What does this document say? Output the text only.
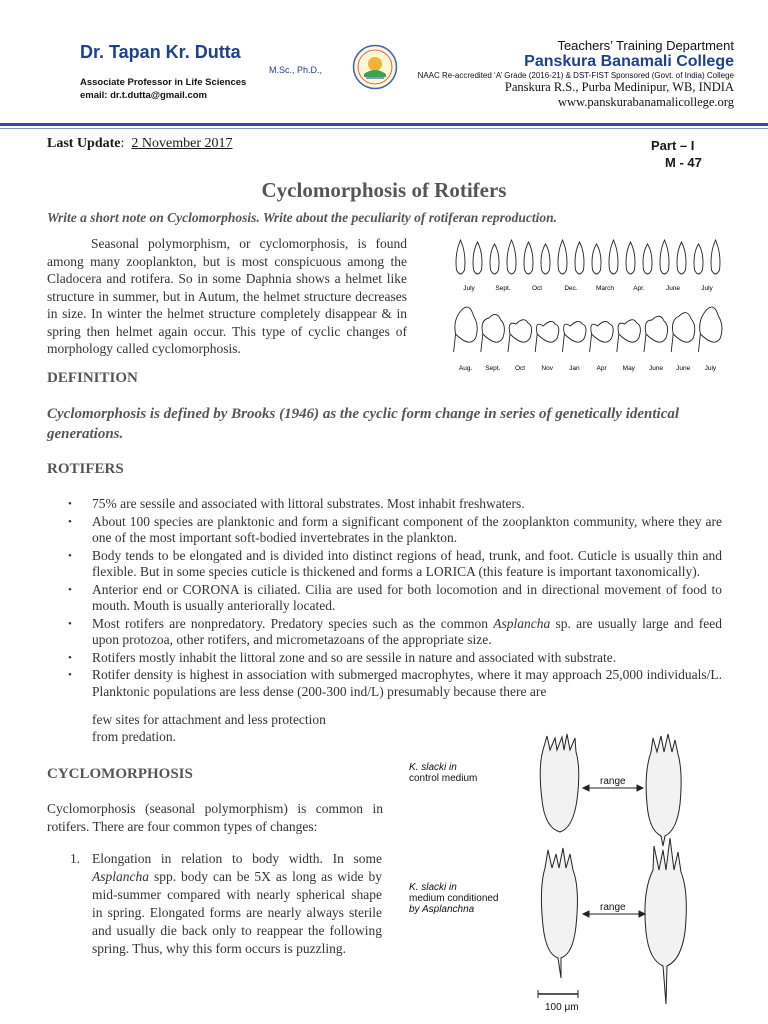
Dr. Tapan Kr. Dutta
M.Sc., Ph.D.,
Associate Professor in Life Sciences
email: dr.t.dutta@gmail.com
Teachers’ Training Department
Panskura Banamali College
NAAC Re-accredited ‘A’ Grade (2016-21) & DST-FIST Sponsored (Govt. of India) College
Panskura R.S., Purba Medinipur, WB, INDIA
www.panskurabanamalicollege.org
Last Update:  2 November 2017	Part – I
M - 47
Cyclomorphosis of Rotifers
Write a short note on Cyclomorphosis. Write about the peculiarity of rotiferan reproduction.
Seasonal polymorphism, or cyclomorphosis, is found among many zooplankton, but is most conspicuous among the Cladocera and rotifera. So in some Daphnia shows a helmet like structure in summer, but in Autum, the helmet structure decreases in size. In winter the helmet structure completely disappear & in spring then helmet again occur. This type of cyclic changes of morphology called cyclomorphosis.
July	Sept.	Oct	Dec.	March	Apr.	June	July
Aug. Sept. Oct	Nov Jan	Apr May June June July
DEFINITION
Cyclomorphosis is defined by Brooks (1946) as the cyclic form change in series of genetically identical generations.
ROTIFERS
• 75% are sessile and associated with littoral substrates. Most inhabit freshwaters.
• About 100 species are planktonic and form a significant component of the zooplankton community, where they are one of the most important soft-bodied invertebrates in the plankton.
• Body tends to be elongated and is divided into distinct regions of head, trunk, and foot. Cuticle is usually thin and flexible. But in some species cuticle is thickened and forms a LORICA (this feature is important taxonomically).
• Anterior end or CORONA is ciliated. Cilia are used for both locomotion and in directional movement of food to mouth. Mouth is usually anteriorally located.
• Most rotifers are nonpredatory. Predatory species such as the common Asplancha sp. are usually large and feed upon protozoa, other rotifers, and micrometazoans of the appropriate size.
• Rotifers mostly inhabit the littoral zone and so are sessile in nature and associated with substrate.
• Rotifer density is highest in association with submerged macrophytes, where it may approach 25,000 individuals/L. Planktonic populations are less dense (200-300 ind/L) presumably because there are
few sites for attachment and less protection
from predation.
CYCLOMORPHOSIS
Cyclomorphosis (seasonal polymorphism) is common in rotifers. There are four common types of changes:
1. Elongation in relation to body width. In some Asplancha spp. body can be 5X as long as wide by mid-summer compared with nearly spherical shape in spring. Elongated forms are nearly always sterile and usually die back only to reappear the following spring. Thus, why this form occurs is puzzling.
K. slacki in
control medium	range
K. slacki in
medium conditioned
by Asplanchna	range
100 μm
